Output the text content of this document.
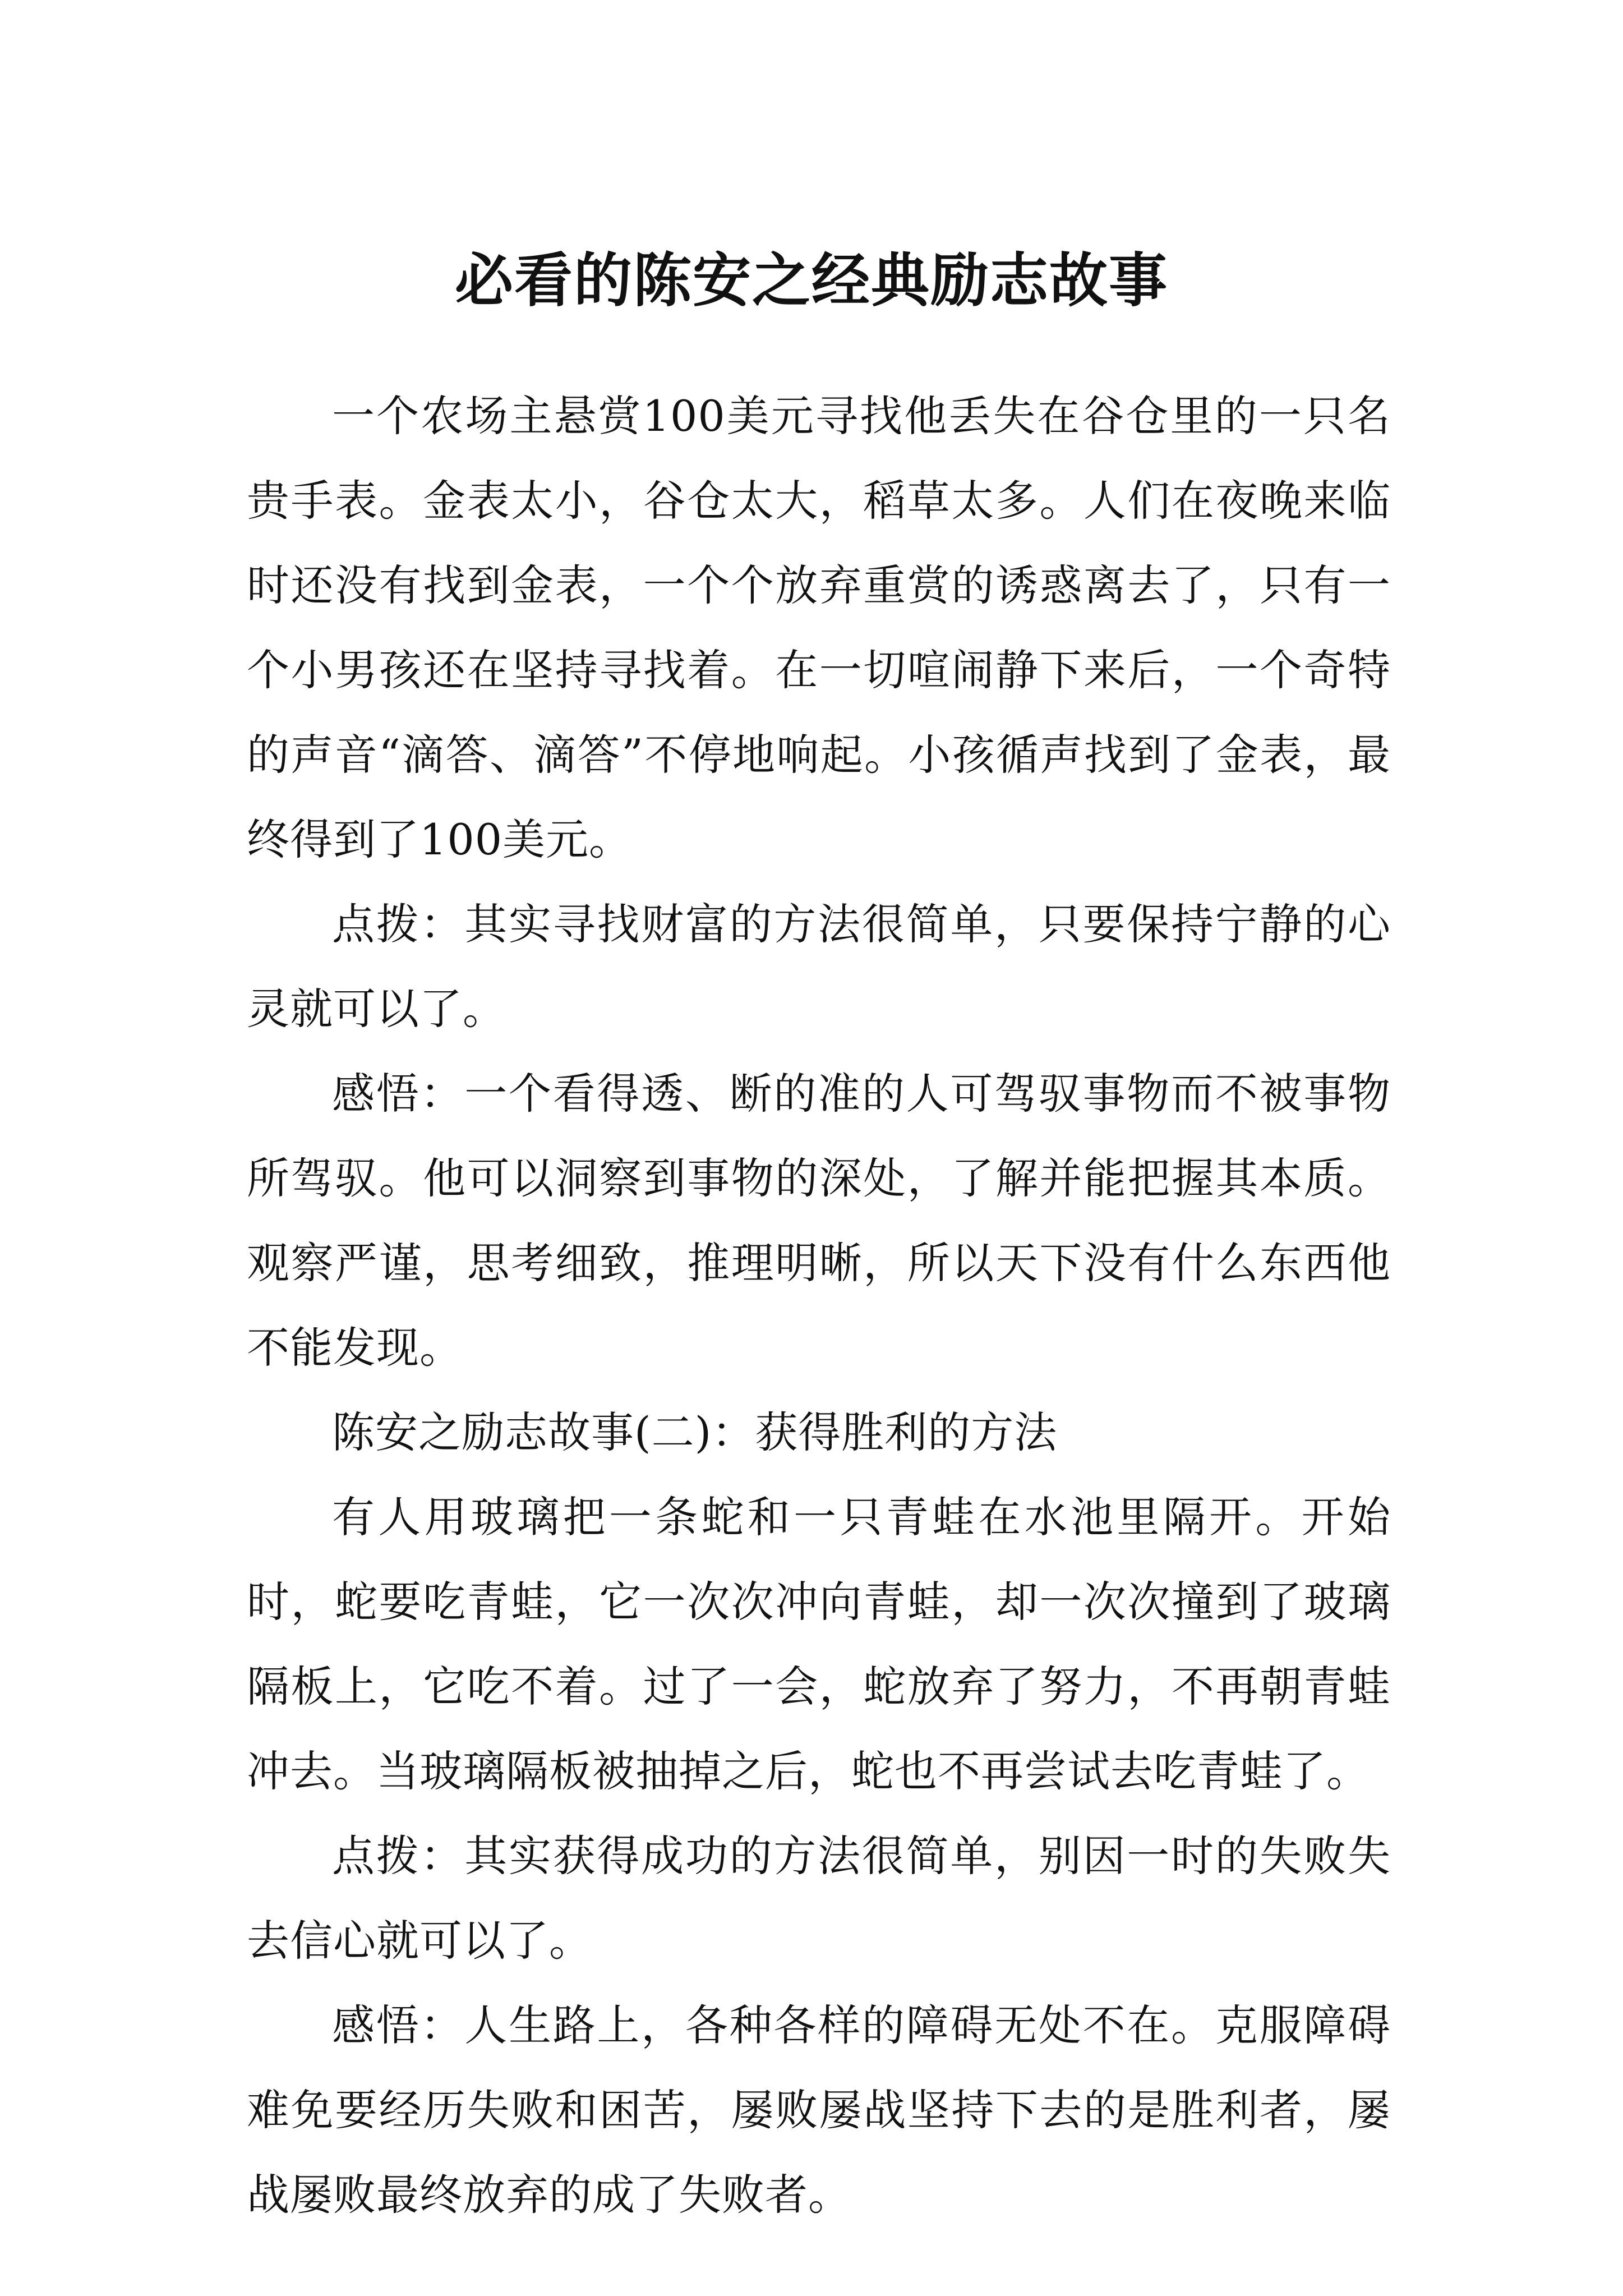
必看的陈安之经典励志故事

一个农场主悬赏100美元寻找他丢失在谷仓里的一只名贵手表。金表太小，谷仓太大，稻草太多。人们在夜晚来临时还没有找到金表，一个个放弃重赏的诱惑离去了，只有一个小男孩还在坚持寻找着。在一切喧闹静下来后，一个奇特的声音“滴答、滴答”不停地响起。小孩循声找到了金表，最终得到了100美元。

点拨：其实寻找财富的方法很简单，只要保持宁静的心灵就可以了。

感悟：一个看得透、断的准的人可驾驭事物而不被事物所驾驭。他可以洞察到事物的深处，了解并能把握其本质。观察严谨，思考细致，推理明晰，所以天下没有什么东西他不能发现。

陈安之励志故事(二)：获得胜利的方法

有人用玻璃把一条蛇和一只青蛙在水池里隔开。开始时，蛇要吃青蛙，它一次次冲向青蛙，却一次次撞到了玻璃隔板上，它吃不着。过了一会，蛇放弃了努力，不再朝青蛙冲去。当玻璃隔板被抽掉之后，蛇也不再尝试去吃青蛙了。

点拨：其实获得成功的方法很简单，别因一时的失败失去信心就可以了。

感悟：人生路上，各种各样的障碍无处不在。克服障碍难免要经历失败和困苦，屡败屡战坚持下去的是胜利者，屡战屡败最终放弃的成了失败者。
